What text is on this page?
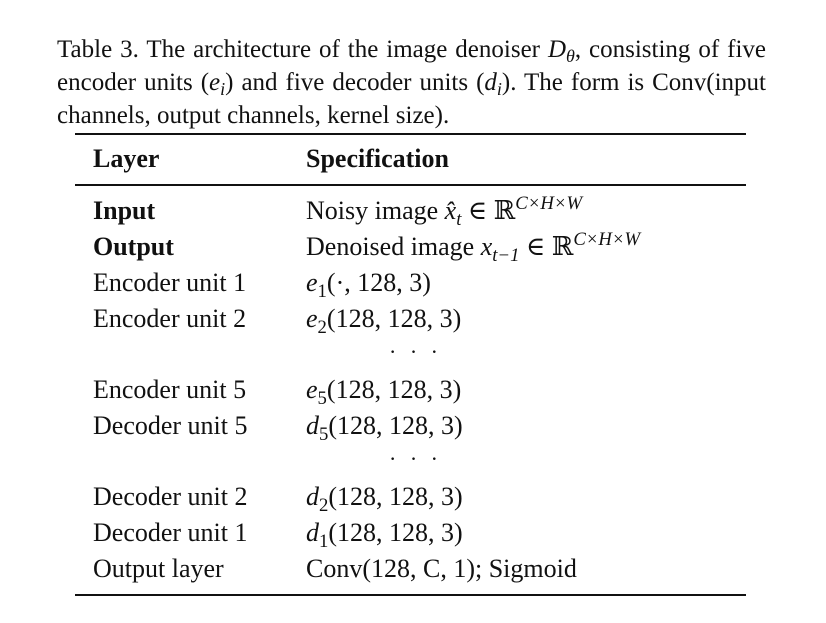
Table 3. The architecture of the image denoiser $D_\theta$, consisting of five encoder units $(e_i)$ and five decoder units $(d_i)$. The form is Conv(input channels, output channels, kernel size).
Layer	Specification
Input	Noisy image $x̂_t$ ∈ ℝ$^{C\times H\times W}$
Output	Denoised image $x_{t-1}$ ∈ ℝ$^{C\times H\times W}$
Encoder unit 1 $e_1(\cdot$, 128, 3)
Encoder unit 2 $e_2(128$, 128, 3)
· · ·
Encoder unit 5 $e_5(128$, 128, 3)
Decoder unit 5 $d_5(128$, 128, 3)
· · ·
Decoder unit 2 $d_2(128$, 128, 3)
Decoder unit 1 $d_1(128$, 128, 3)
Output layer	Conv(128, C, 1); Sigmoid
